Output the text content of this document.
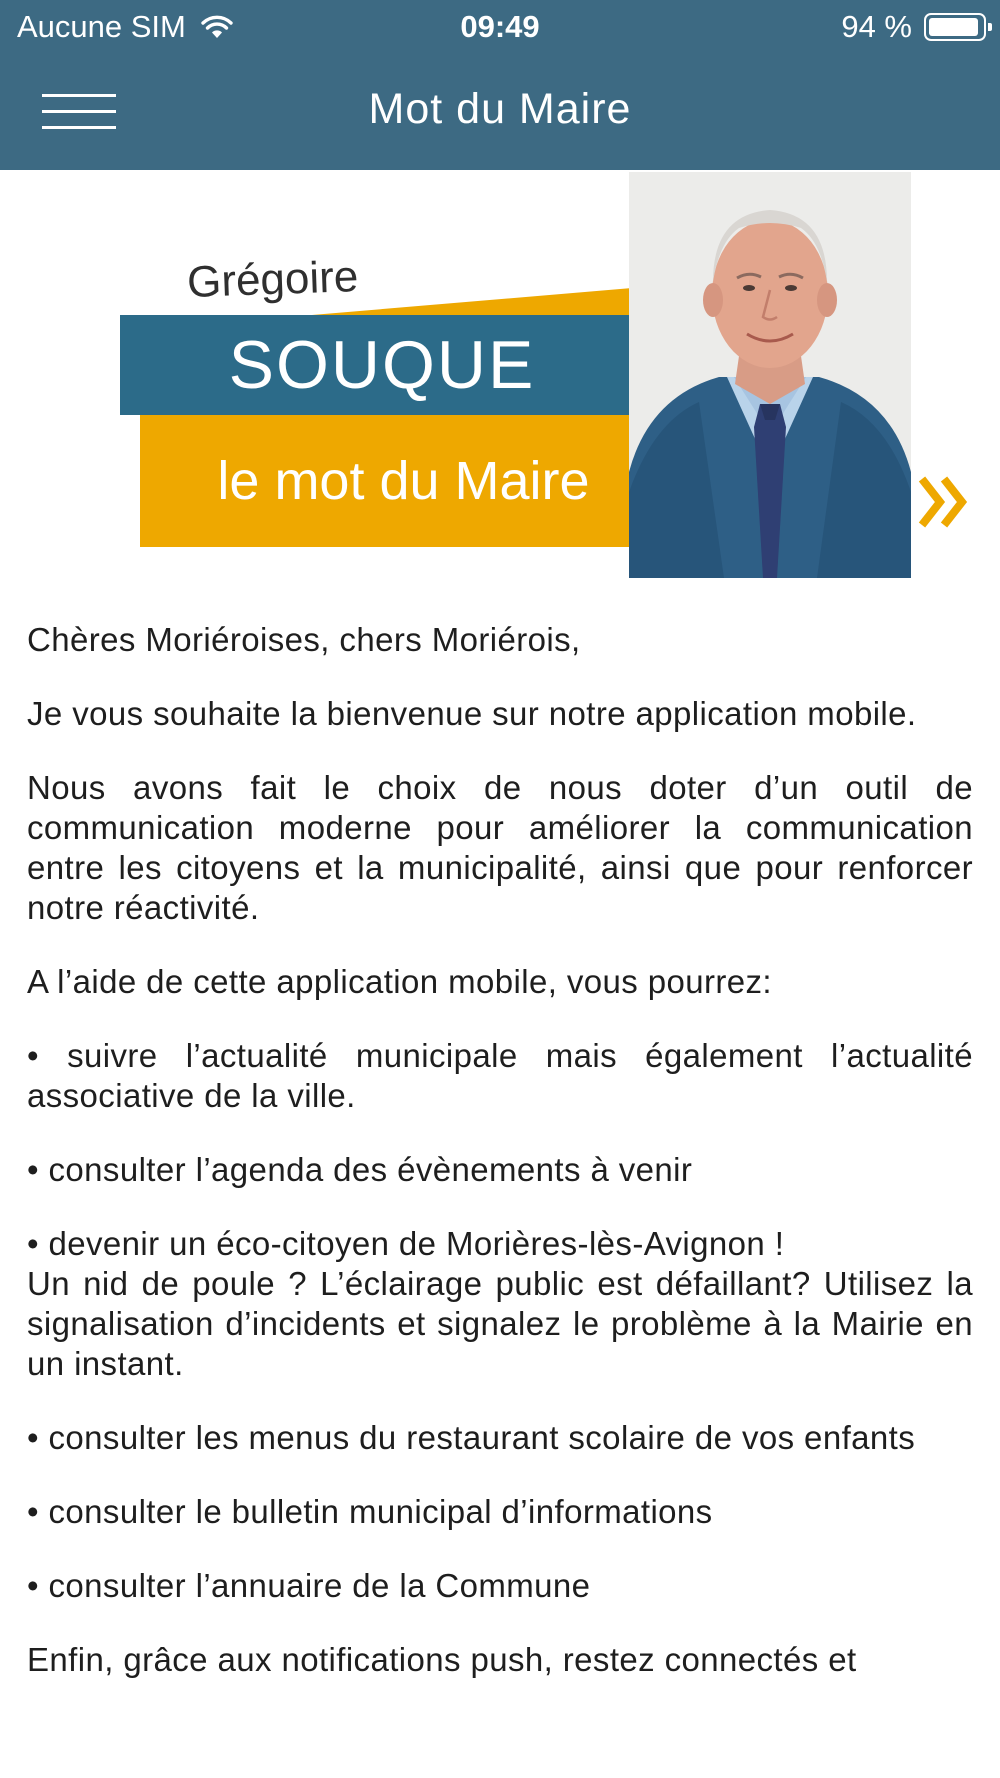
Aucune SIM	09:49	94 %
Mot du Maire
Grégoire
SOUQUE
le mot du Maire

Chères Moriéroises, chers Moriérois,

Je vous souhaite la bienvenue sur notre application mobile.

Nous avons fait le choix de nous doter d’un outil de communication moderne pour améliorer la communication entre les citoyens et la municipalité, ainsi que pour renforcer notre réactivité.

A l’aide de cette application mobile, vous pourrez:

• suivre l’actualité municipale mais également l’actualité associative de la ville.

• consulter l’agenda des évènements à venir

• devenir un éco-citoyen de Morières-lès-Avignon !
Un nid de poule ? L’éclairage public est défaillant? Utilisez la signalisation d’incidents et signalez le problème à la Mairie en un instant.

• consulter les menus du restaurant scolaire de vos enfants

• consulter le bulletin municipal d’informations

• consulter l’annuaire de la Commune

Enfin, grâce aux notifications push, restez connectés et
